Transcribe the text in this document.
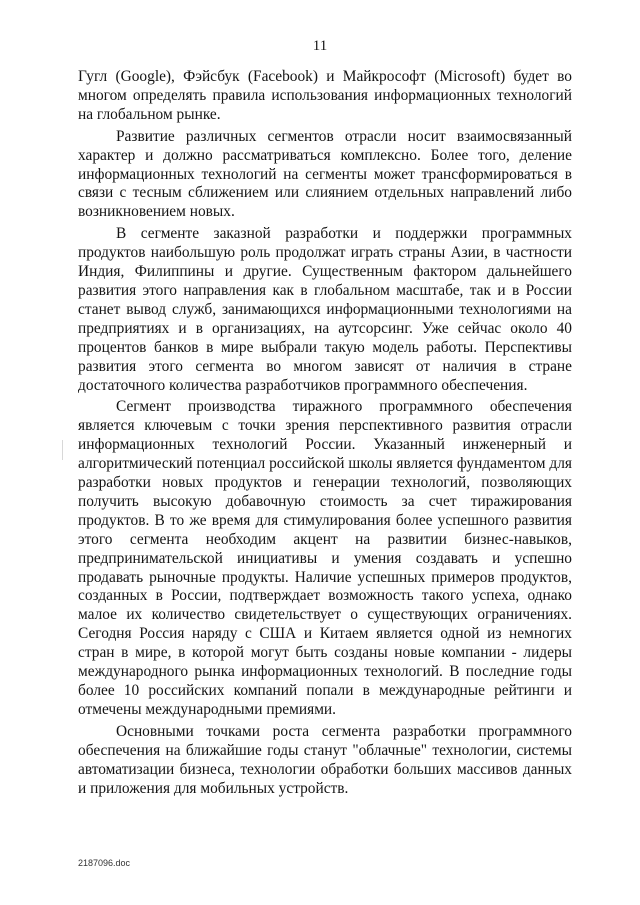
11

Гугл (Google), Фэйсбук (Facebook) и Майкрософт (Microsoft) будет во многом определять правила использования информационных технологий на глобальном рынке.

Развитие различных сегментов отрасли носит взаимосвязанный характер и должно рассматриваться комплексно. Более того, деление информационных технологий на сегменты может трансформироваться в связи с тесным сближением или слиянием отдельных направлений либо возникновением новых.

В сегменте заказной разработки и поддержки программных продуктов наибольшую роль продолжат играть страны Азии, в частности Индия, Филиппины и другие. Существенным фактором дальнейшего развития этого направления как в глобальном масштабе, так и в России станет вывод служб, занимающихся информационными технологиями на предприятиях и в организациях, на аутсорсинг. Уже сейчас около 40 процентов банков в мире выбрали такую модель работы. Перспективы развития этого сегмента во многом зависят от наличия в стране достаточного количества разработчиков программного обеспечения.

Сегмент производства тиражного программного обеспечения является ключевым с точки зрения перспективного развития отрасли информационных технологий России. Указанный инженерный и алгоритмический потенциал российской школы является фундаментом для разработки новых продуктов и генерации технологий, позволяющих получить высокую добавочную стоимость за счет тиражирования продуктов. В то же время для стимулирования более успешного развития этого сегмента необходим акцент на развитии бизнес-навыков, предпринимательской инициативы и умения создавать и успешно продавать рыночные продукты. Наличие успешных примеров продуктов, созданных в России, подтверждает возможность такого успеха, однако малое их количество свидетельствует о существующих ограничениях. Сегодня Россия наряду с США и Китаем является одной из немногих стран в мире, в которой могут быть созданы новые компании - лидеры международного рынка информационных технологий. В последние годы более 10 российских компаний попали в международные рейтинги и отмечены международными премиями.

Основными точками роста сегмента разработки программного обеспечения на ближайшие годы станут "облачные" технологии, системы автоматизации бизнеса, технологии обработки больших массивов данных и приложения для мобильных устройств.

2187096.doc
